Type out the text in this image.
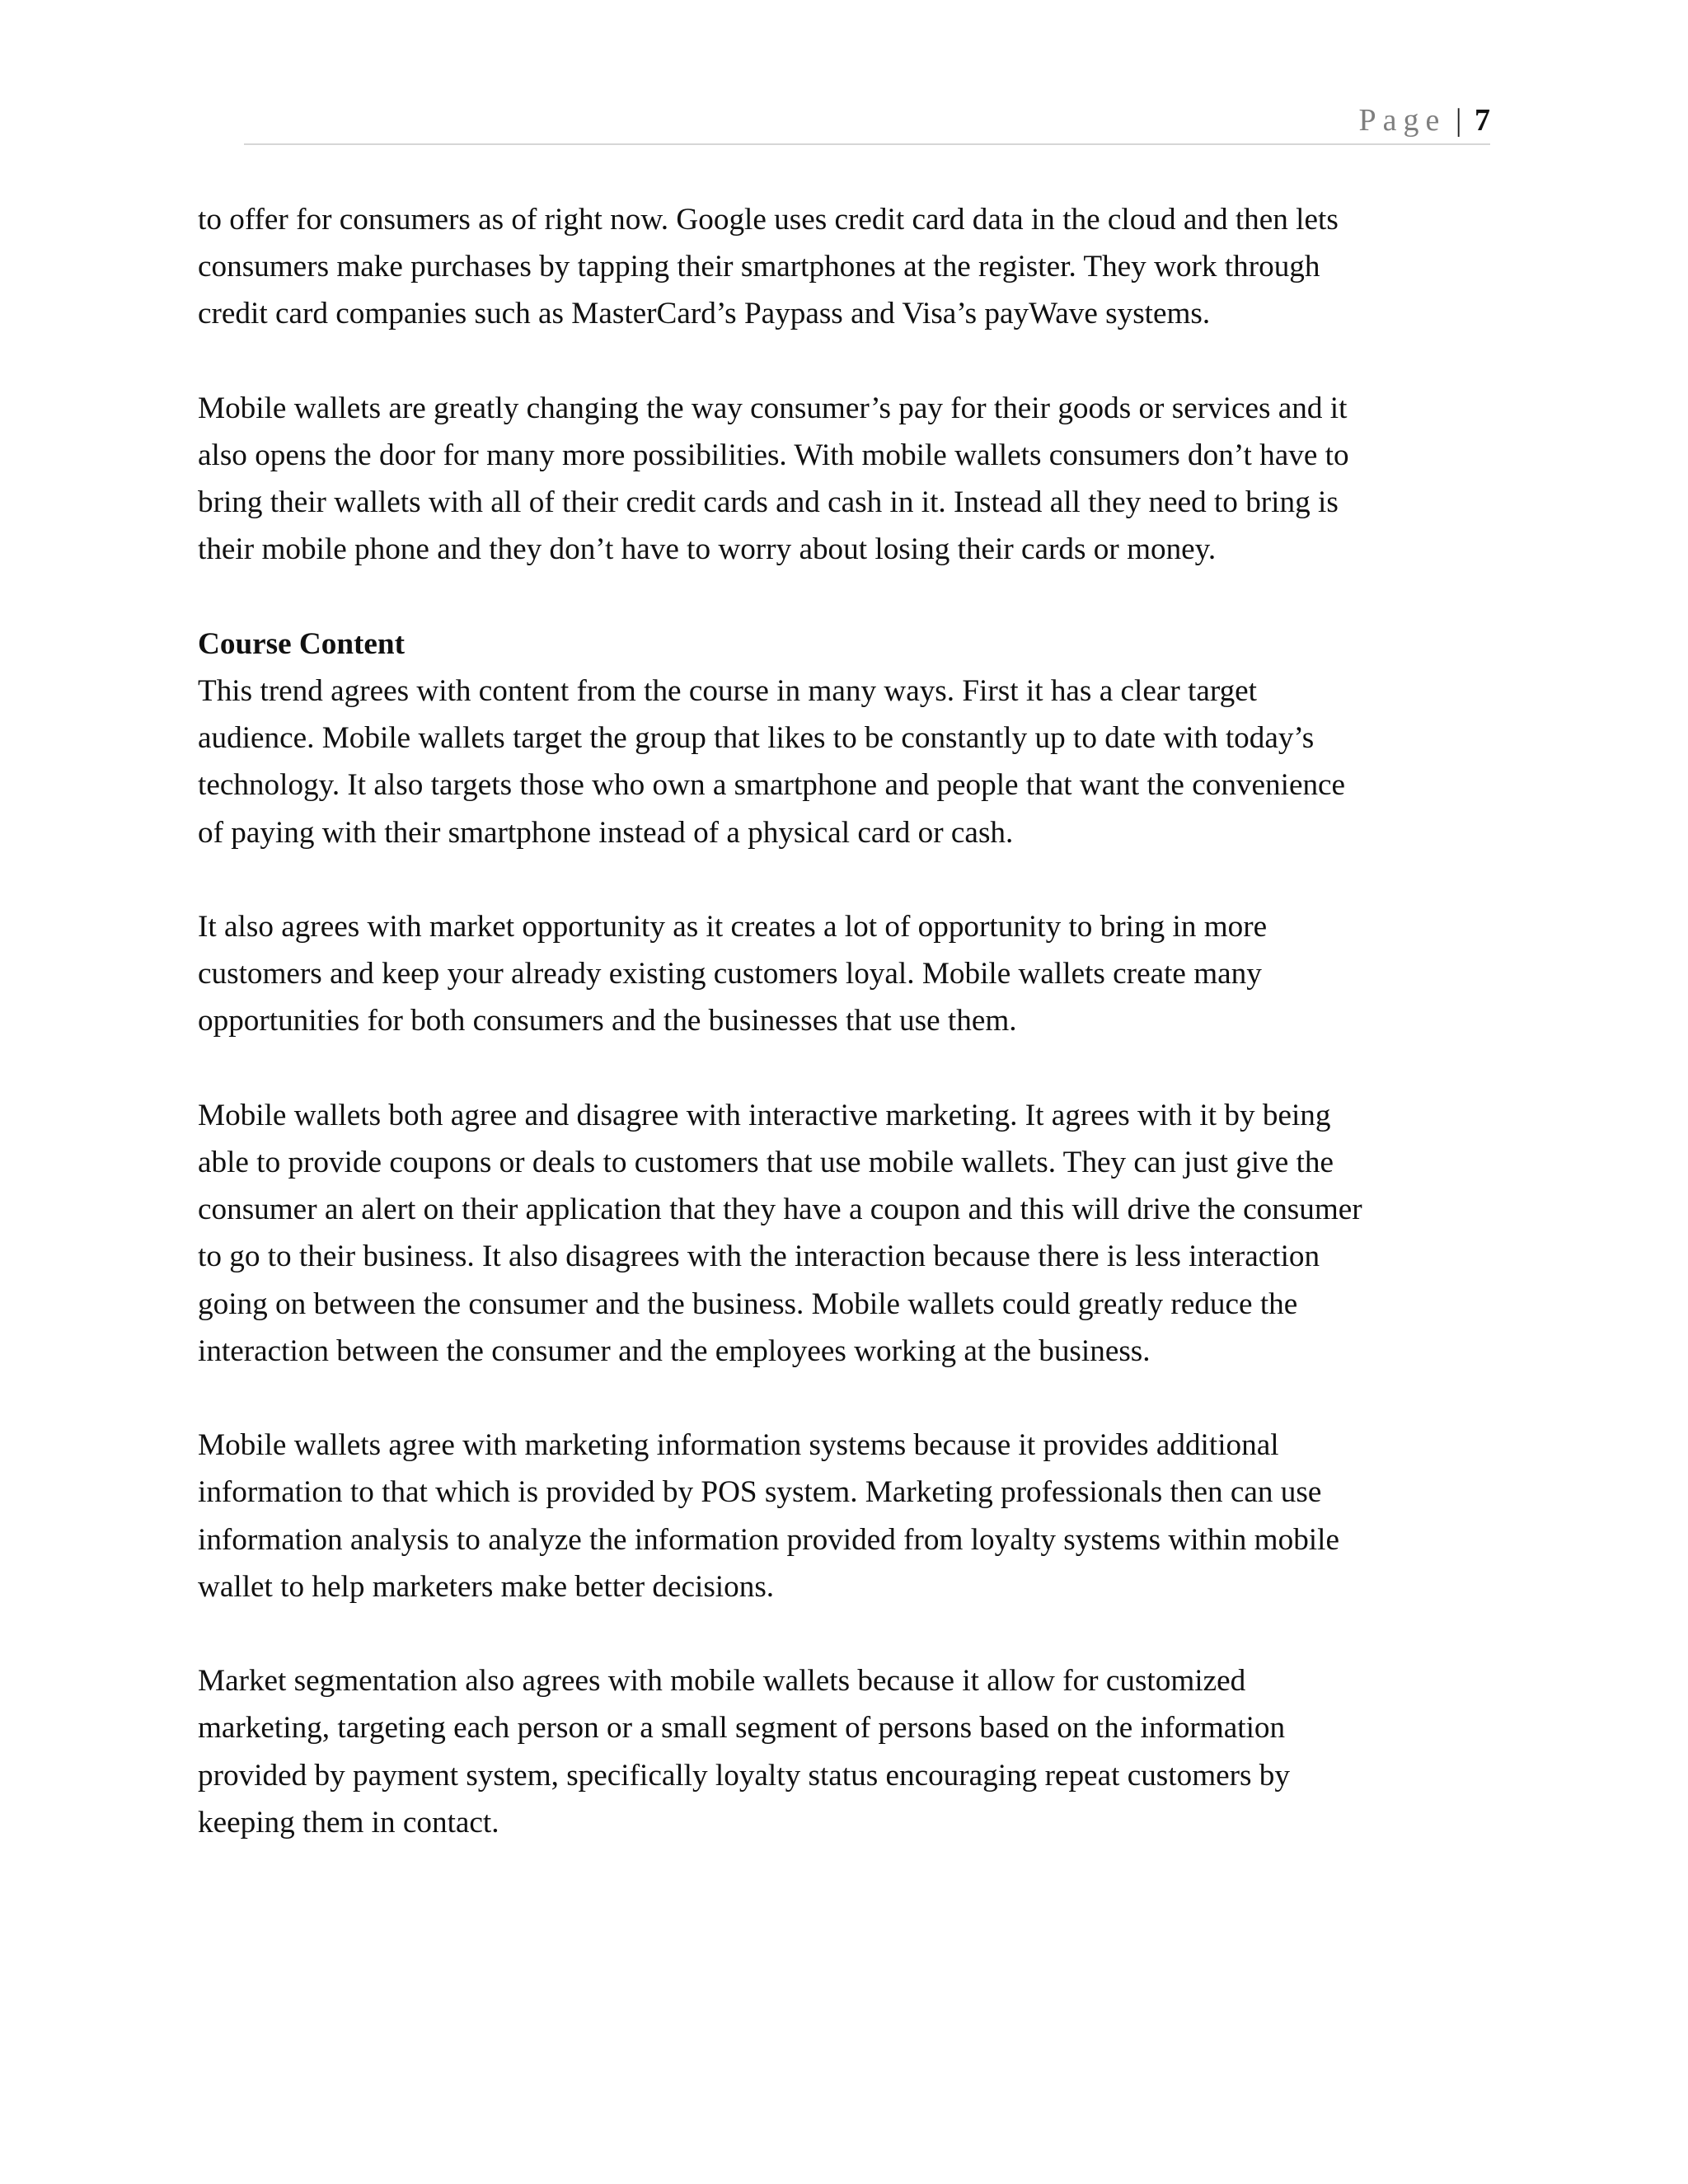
Page | 7
to offer for consumers as of right now. Google uses credit card data in the cloud and then lets
consumers make purchases by tapping their smartphones at the register. They work through
credit card companies such as MasterCard’s Paypass and Visa’s payWave systems.
Mobile wallets are greatly changing the way consumer’s pay for their goods or services and it
also opens the door for many more possibilities. With mobile wallets consumers don’t have to
bring their wallets with all of their credit cards and cash in it. Instead all they need to bring is
their mobile phone and they don’t have to worry about losing their cards or money.
Course Content
This trend agrees with content from the course in many ways. First it has a clear target
audience. Mobile wallets target the group that likes to be constantly up to date with today’s
technology. It also targets those who own a smartphone and people that want the convenience
of paying with their smartphone instead of a physical card or cash.
It also agrees with market opportunity as it creates a lot of opportunity to bring in more
customers and keep your already existing customers loyal. Mobile wallets create many
opportunities for both consumers and the businesses that use them.
Mobile wallets both agree and disagree with interactive marketing. It agrees with it by being
able to provide coupons or deals to customers that use mobile wallets. They can just give the
consumer an alert on their application that they have a coupon and this will drive the consumer
to go to their business. It also disagrees with the interaction because there is less interaction
going on between the consumer and the business. Mobile wallets could greatly reduce the
interaction between the consumer and the employees working at the business.
Mobile wallets agree with marketing information systems because it provides additional
information to that which is provided by POS system. Marketing professionals then can use
information analysis to analyze the information provided from loyalty systems within mobile
wallet to help marketers make better decisions.
Market segmentation also agrees with mobile wallets because it allow for customized
marketing, targeting each person or a small segment of persons based on the information
provided by payment system, specifically loyalty status encouraging repeat customers by
keeping them in contact.
